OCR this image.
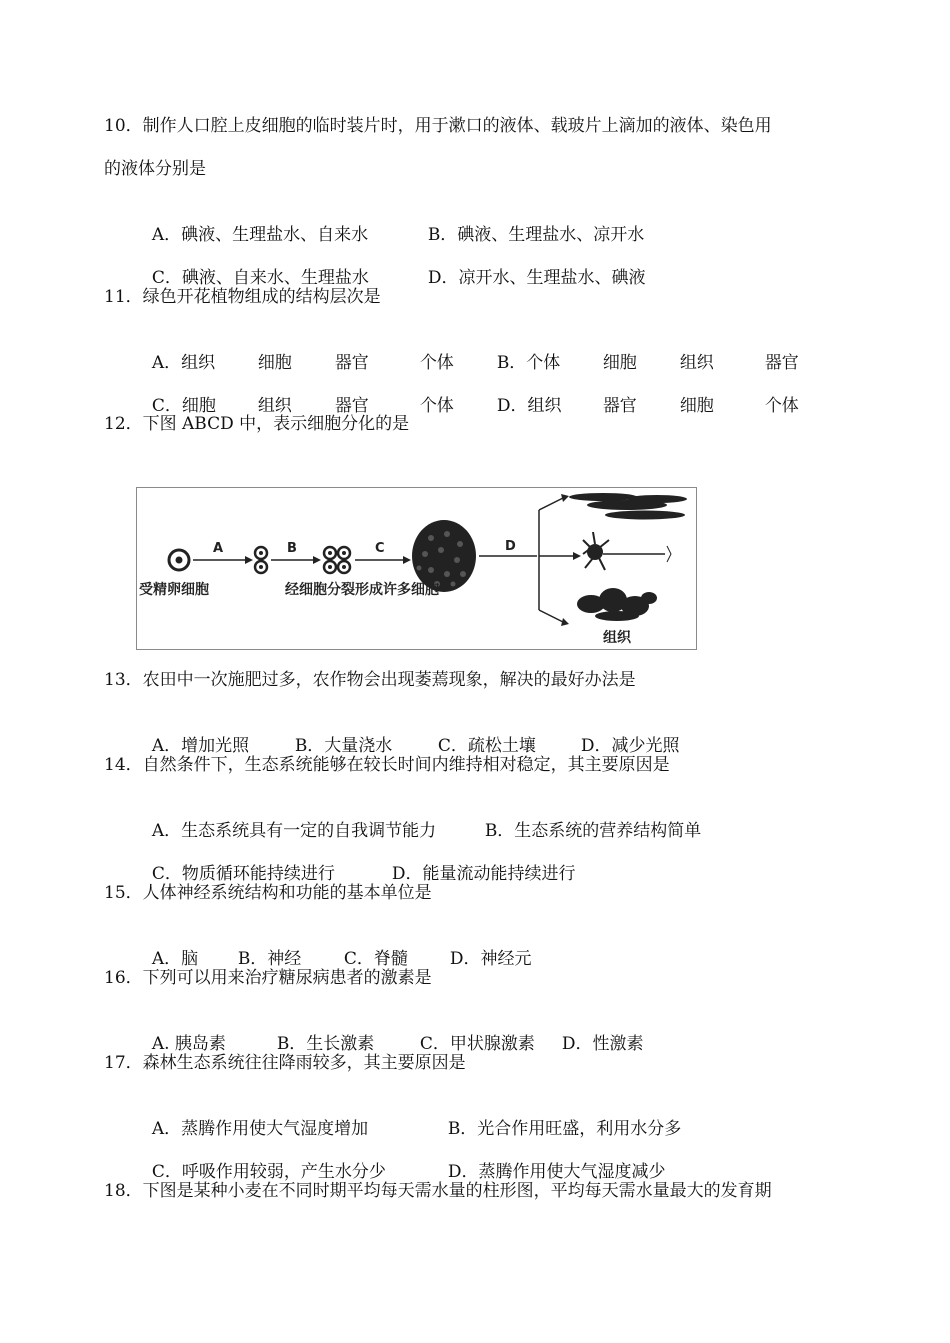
10．制作人口腔上皮细胞的临时装片时，用于漱口的液体、载玻片上滴加的液体、染色用
的液体分别是

A．碘液、生理盐水、自来水	B．碘液、生理盐水、凉开水

C．碘液、自来水、生理盐水	D．凉开水、生理盐水、碘液

11．绿色开花植物组成的结构层次是

A．组织	细胞	器官	个体	B．个体	细胞	组织	器官

C．细胞 组织	器官	个体	D．组织 器官	细胞	个体

12．下图 ABCD 中，表示细胞分化的是
A	B	C	D
受精卵细胞	经细胞分裂形成许多细胞
组织
13．农田中一次施肥过多，农作物会出现萎蔫现象，解决的最好办法是

A．增加光照	B．大量浇水	C．疏松土壤	D．减少光照

14．自然条件下，生态系统能够在较长时间内维持相对稳定，其主要原因是

A．生态系统具有一定的自我调节能力	B．生态系统的营养结构简单

C．物质循环能持续进行	D．能量流动能持续进行

15．人体神经系统结构和功能的基本单位是

A．脑 B．神经	C．脊髓 D．神经元

16．下列可以用来治疗糖尿病患者的激素是

A. 胰岛素	B．生长激素	C．甲状腺激素 D．性激素

17．森林生态系统往往降雨较多，其主要原因是

A．蒸腾作用使大气湿度增加	B．光合作用旺盛，利用水分多

C．呼吸作用较弱，产生水分少	D．蒸腾作用使大气湿度减少

18．下图是某种小麦在不同时期平均每天需水量的柱形图，平均每天需水量最大的发育期
